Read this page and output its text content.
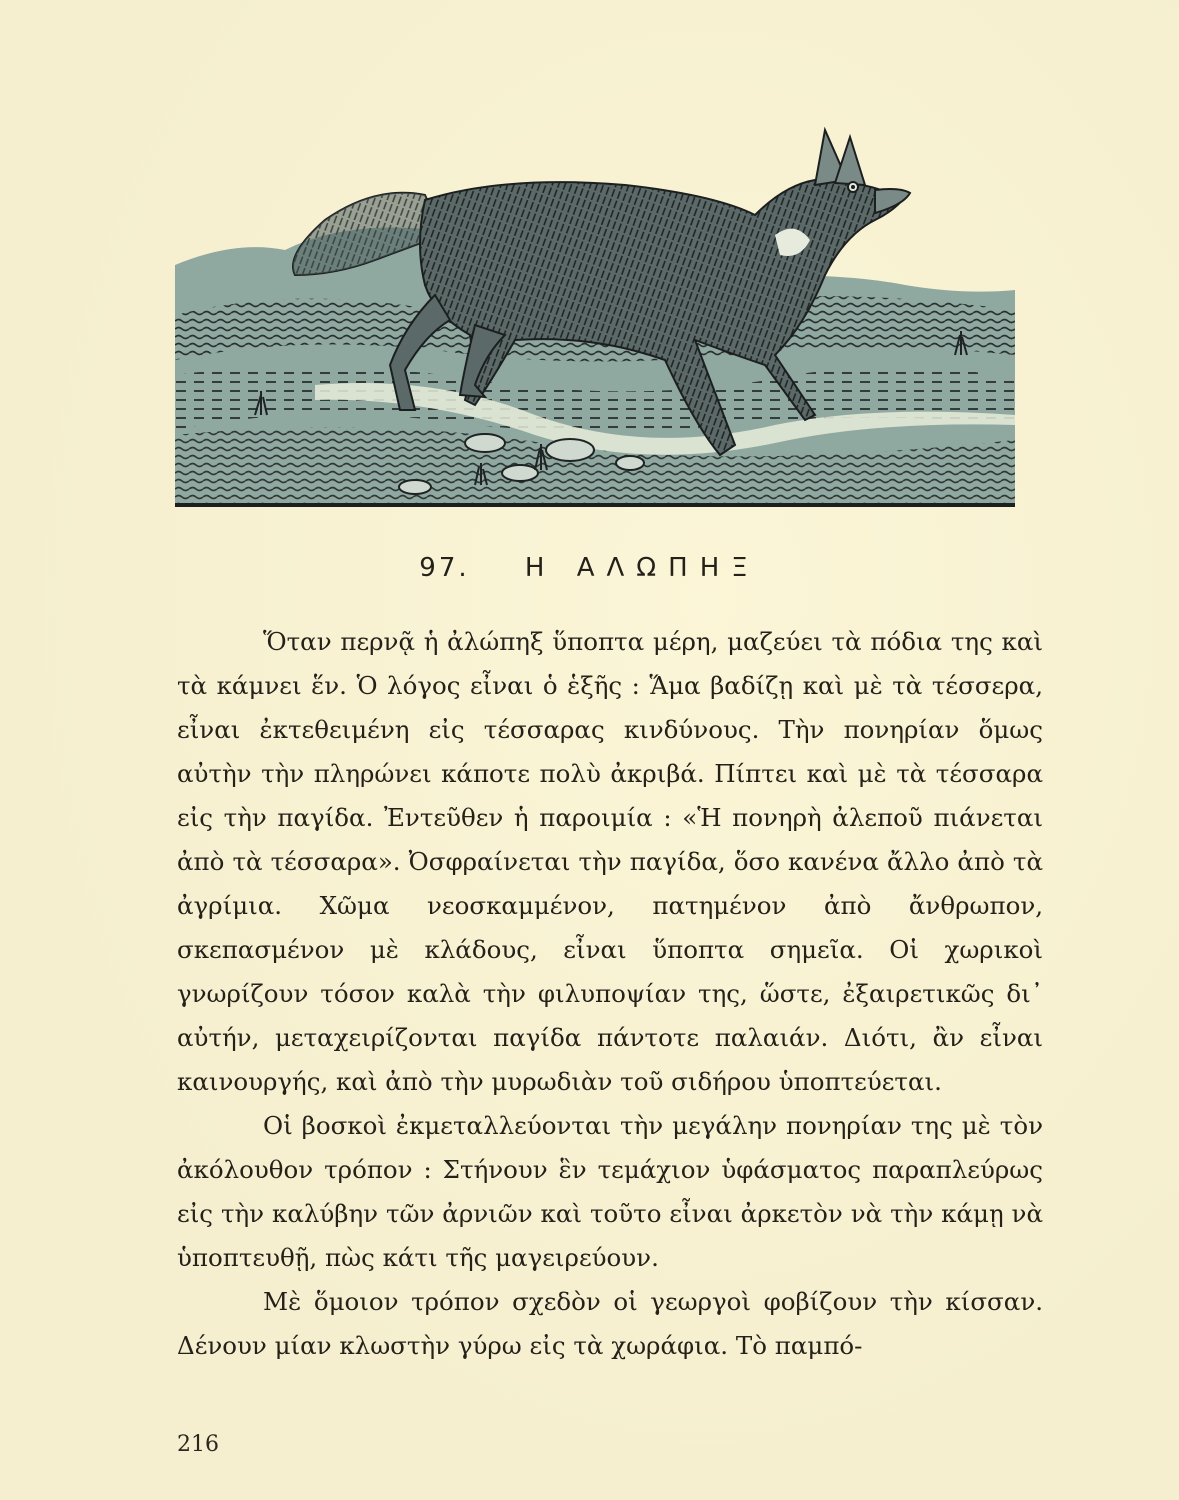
97. Η ΑΛΩΠΗΞ

Ὅταν περνᾷ ἡ ἀλώπηξ ὕποπτα μέρη, μαζεύει τὰ πόδια της καὶ τὰ κάμνει ἕν. Ὁ λόγος εἶναι ὁ ἑξῆς : Ἅμα βαδίζῃ καὶ μὲ τὰ τέσσερα, εἶναι ἐκτεθειμένη εἰς τέσσαρας κινδύνους. Τὴν πονηρίαν ὅμως αὐτὴν τὴν πληρώνει κάποτε πολὺ ἀκριβά. Πίπτει καὶ μὲ τὰ τέσσαρα εἰς τὴν παγίδα. Ἐντεῦθεν ἡ παροιμία : «Ἡ πονηρὴ ἀλεποῦ πιάνεται ἀπὸ τὰ τέσσαρα». Ὀσφραίνεται τὴν παγίδα, ὅσο κανένα ἄλλο ἀπὸ τὰ ἀγρίμια. Χῶμα νεοσκαμμένον, πατημένον ἀπὸ ἄνθρωπον, σκεπασμένον μὲ κλάδους, εἶναι ὕποπτα σημεῖα. Οἱ χωρικοὶ γνωρίζουν τόσον καλὰ τὴν φιλυποψίαν της, ὥστε, ἐξαιρετικῶς δι᾿ αὐτήν, μεταχειρίζονται παγίδα πάντοτε παλαιάν. Διότι, ἂν εἶναι καινουργής, καὶ ἀπὸ τὴν μυρωδιὰν τοῦ σιδήρου ὑποπτεύεται.

Οἱ βοσκοὶ ἐκμεταλλεύονται τὴν μεγάλην πονηρίαν της μὲ τὸν ἀκόλουθον τρόπον : Στήνουν ἓν τεμάχιον ὑφάσματος παραπλεύρως εἰς τὴν καλύβην τῶν ἀρνιῶν καὶ τοῦτο εἶναι ἀρκετὸν νὰ τὴν κάμῃ νὰ ὑποπτευθῇ, πὼς κάτι τῆς μαγειρεύουν.

Μὲ ὅμοιον τρόπον σχεδὸν οἱ γεωργοὶ φοβίζουν τὴν κίσσαν. Δένουν μίαν κλωστὴν γύρω εἰς τὰ χωράφια. Τὸ παμπό-

216
